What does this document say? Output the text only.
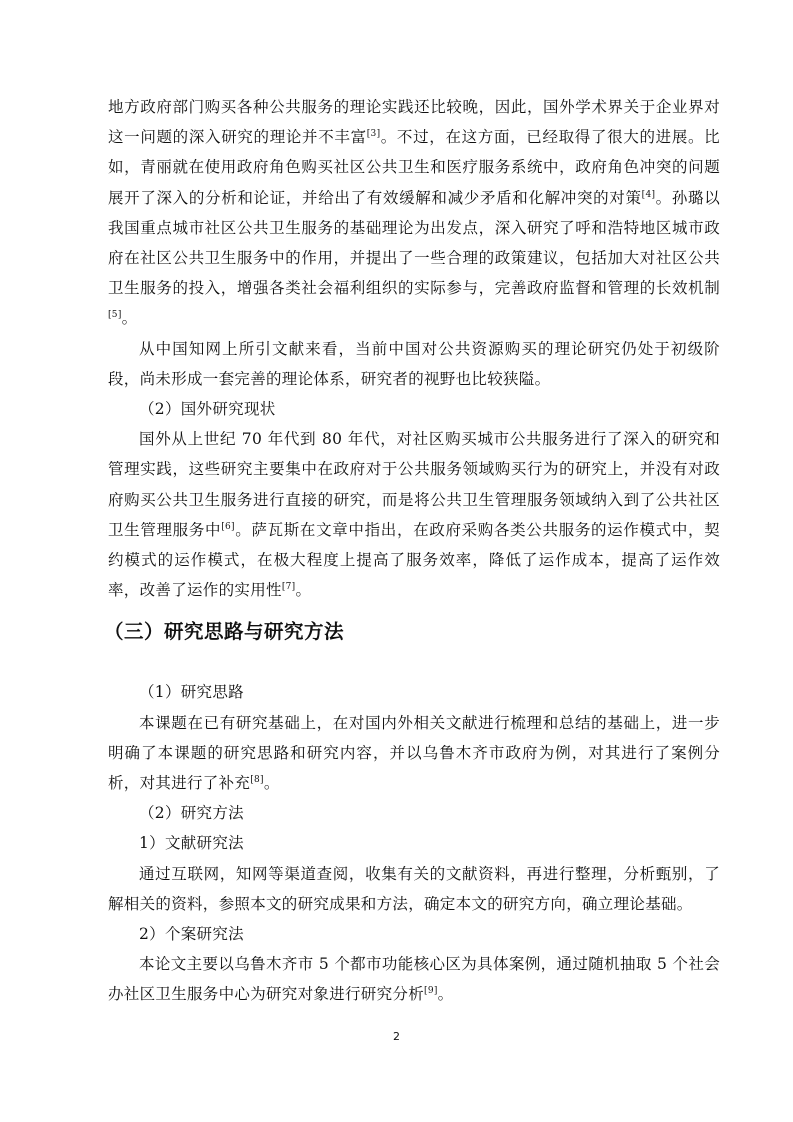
地方政府部门购买各种公共服务的理论实践还比较晚，因此，国外学术界关于企业界对这一问题的深入研究的理论并不丰富[3]。不过，在这方面，已经取得了很大的进展。比如，青丽就在使用政府角色购买社区公共卫生和医疗服务系统中，政府角色冲突的问题展开了深入的分析和论证，并给出了有效缓解和减少矛盾和化解冲突的对策[4]。孙璐以我国重点城市社区公共卫生服务的基础理论为出发点，深入研究了呼和浩特地区城市政府在社区公共卫生服务中的作用，并提出了一些合理的政策建议，包括加大对社区公共卫生服务的投入，增强各类社会福利组织的实际参与，完善政府监督和管理的长效机制[5]。

从中国知网上所引文献来看，当前中国对公共资源购买的理论研究仍处于初级阶段，尚未形成一套完善的理论体系，研究者的视野也比较狭隘。

（2）国外研究现状

国外从上世纪 70 年代到 80 年代，对社区购买城市公共服务进行了深入的研究和管理实践，这些研究主要集中在政府对于公共服务领域购买行为的研究上，并没有对政府购买公共卫生服务进行直接的研究，而是将公共卫生管理服务领域纳入到了公共社区卫生管理服务中[6]。萨瓦斯在文章中指出，在政府采购各类公共服务的运作模式中，契约模式的运作模式，在极大程度上提高了服务效率，降低了运作成本，提高了运作效率，改善了运作的实用性[7]。

（三）研究思路与研究方法

（1）研究思路

本课题在已有研究基础上，在对国内外相关文献进行梳理和总结的基础上，进一步明确了本课题的研究思路和研究内容，并以乌鲁木齐市政府为例，对其进行了案例分析，对其进行了补充[8]。

（2）研究方法

1）文献研究法

通过互联网，知网等渠道查阅，收集有关的文献资料，再进行整理，分析甄别，了解相关的资料，参照本文的研究成果和方法，确定本文的研究方向，确立理论基础。

2）个案研究法

本论文主要以乌鲁木齐市 5 个都市功能核心区为具体案例，通过随机抽取 5 个社会办社区卫生服务中心为研究对象进行研究分析[9]。

2
